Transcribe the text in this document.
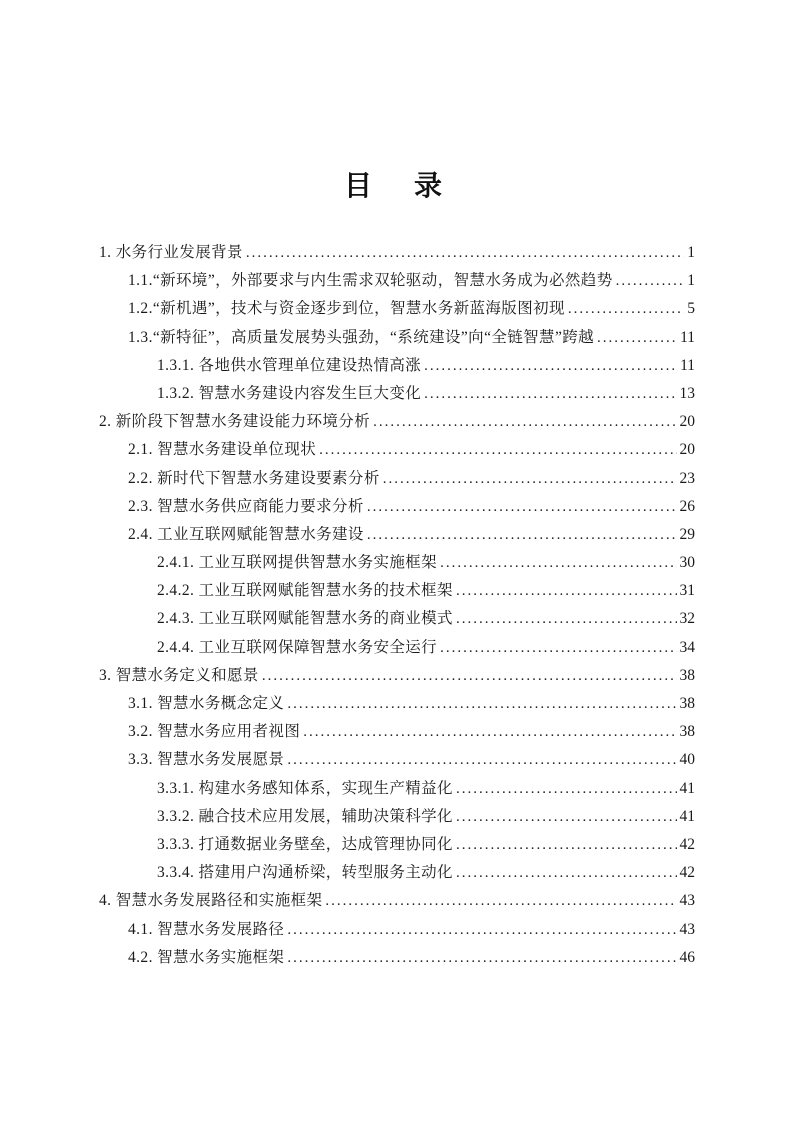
目　录
1. 水务行业发展背景 .....	1
1.1.“新环境”，外部要求与内生需求双轮驱动，智慧水务成为必然趋势 .....	1
1.2.“新机遇”，技术与资金逐步到位，智慧水务新蓝海版图初现 .....	5
1.3.“新特征”，高质量发展势头强劲，“系统建设”向“全链智慧”跨越 .....	11
1.3.1. 各地供水管理单位建设热情高涨 .....	11
1.3.2. 智慧水务建设内容发生巨大变化 .....	13
2. 新阶段下智慧水务建设能力环境分析 .....	20
2.1. 智慧水务建设单位现状 .....	20
2.2. 新时代下智慧水务建设要素分析 .....	23
2.3. 智慧水务供应商能力要求分析 .....	26
2.4. 工业互联网赋能智慧水务建设 .....	29
2.4.1. 工业互联网提供智慧水务实施框架 .....	30
2.4.2. 工业互联网赋能智慧水务的技术框架 .....	31
2.4.3. 工业互联网赋能智慧水务的商业模式 .....	32
2.4.4. 工业互联网保障智慧水务安全运行 .....	34
3. 智慧水务定义和愿景 .....	38
3.1. 智慧水务概念定义 .....	38
3.2. 智慧水务应用者视图 .....	38
3.3. 智慧水务发展愿景 .....	40
3.3.1. 构建水务感知体系，实现生产精益化 .....	41
3.3.2. 融合技术应用发展，辅助决策科学化 .....	41
3.3.3. 打通数据业务壁垒，达成管理协同化 .....	42
3.3.4. 搭建用户沟通桥梁，转型服务主动化 .....	42
4. 智慧水务发展路径和实施框架 .....	43
4.1. 智慧水务发展路径 .....	43
4.2. 智慧水务实施框架 .....	46
